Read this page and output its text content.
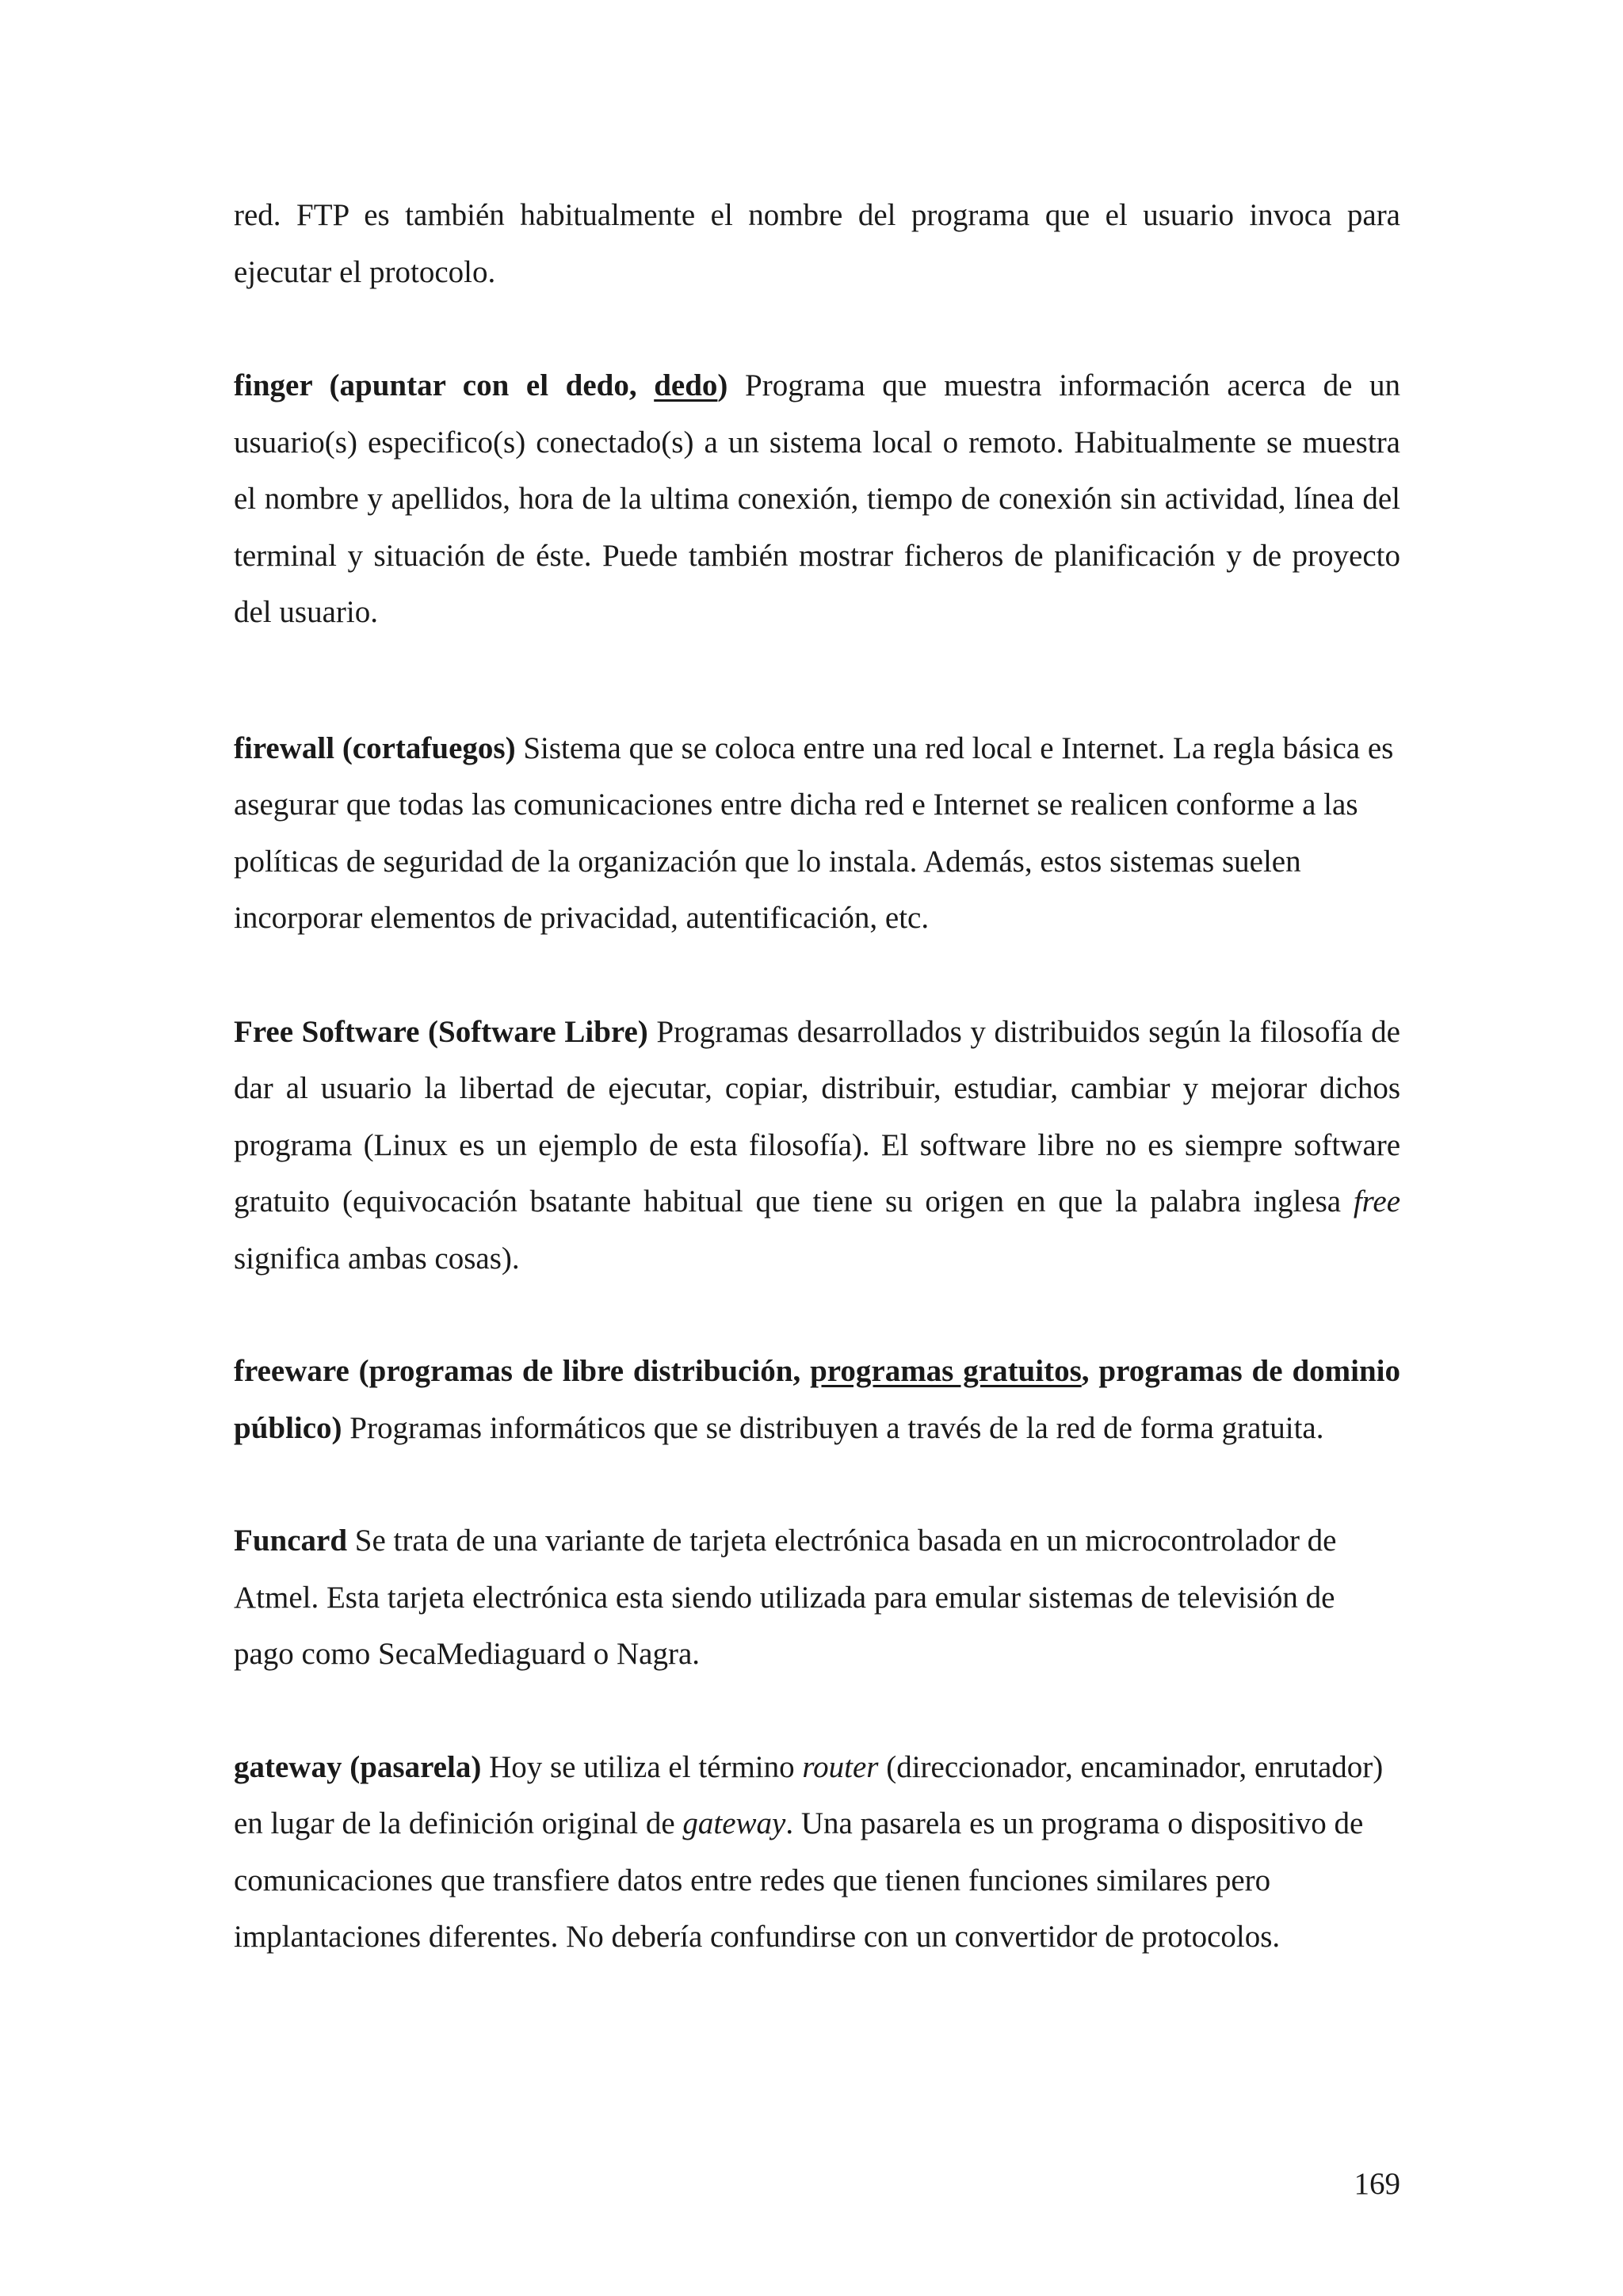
red. FTP es también habitualmente el nombre del programa que el usuario invoca para ejecutar el protocolo.

finger (apuntar con el dedo, dedo) Programa que muestra información acerca de un usuario(s) especifico(s) conectado(s) a un sistema local o remoto. Habitualmente se muestra el nombre y apellidos, hora de la ultima conexión, tiempo de conexión sin actividad, línea del terminal y situación de éste. Puede también mostrar ficheros de planificación y de proyecto del usuario.

firewall (cortafuegos) Sistema que se coloca entre una red local e Internet. La regla básica es asegurar que todas las comunicaciones entre dicha red e Internet se realicen conforme a las políticas de seguridad de la organización que lo instala. Además, estos sistemas suelen incorporar elementos de privacidad, autentificación, etc.

Free Software (Software Libre) Programas desarrollados y distribuidos según la filosofía de dar al usuario la libertad de ejecutar, copiar, distribuir, estudiar, cambiar y mejorar dichos programa (Linux es un ejemplo de esta filosofía). El software libre no es siempre software gratuito (equivocación bsatante habitual que tiene su origen en que la palabra inglesa free significa ambas cosas).

freeware (programas de libre distribución, programas gratuitos, programas de dominio público) Programas informáticos que se distribuyen a través de la red de forma gratuita.

Funcard Se trata de una variante de tarjeta electrónica basada en un microcontrolador de Atmel. Esta tarjeta electrónica esta siendo utilizada para emular sistemas de televisión de pago como SecaMediaguard o Nagra.

gateway (pasarela) Hoy se utiliza el término router (direccionador, encaminador, enrutador) en lugar de la definición original de gateway. Una pasarela es un programa o dispositivo de comunicaciones que transfiere datos entre redes que tienen funciones similares pero implantaciones diferentes. No debería confundirse con un convertidor de protocolos.

169
